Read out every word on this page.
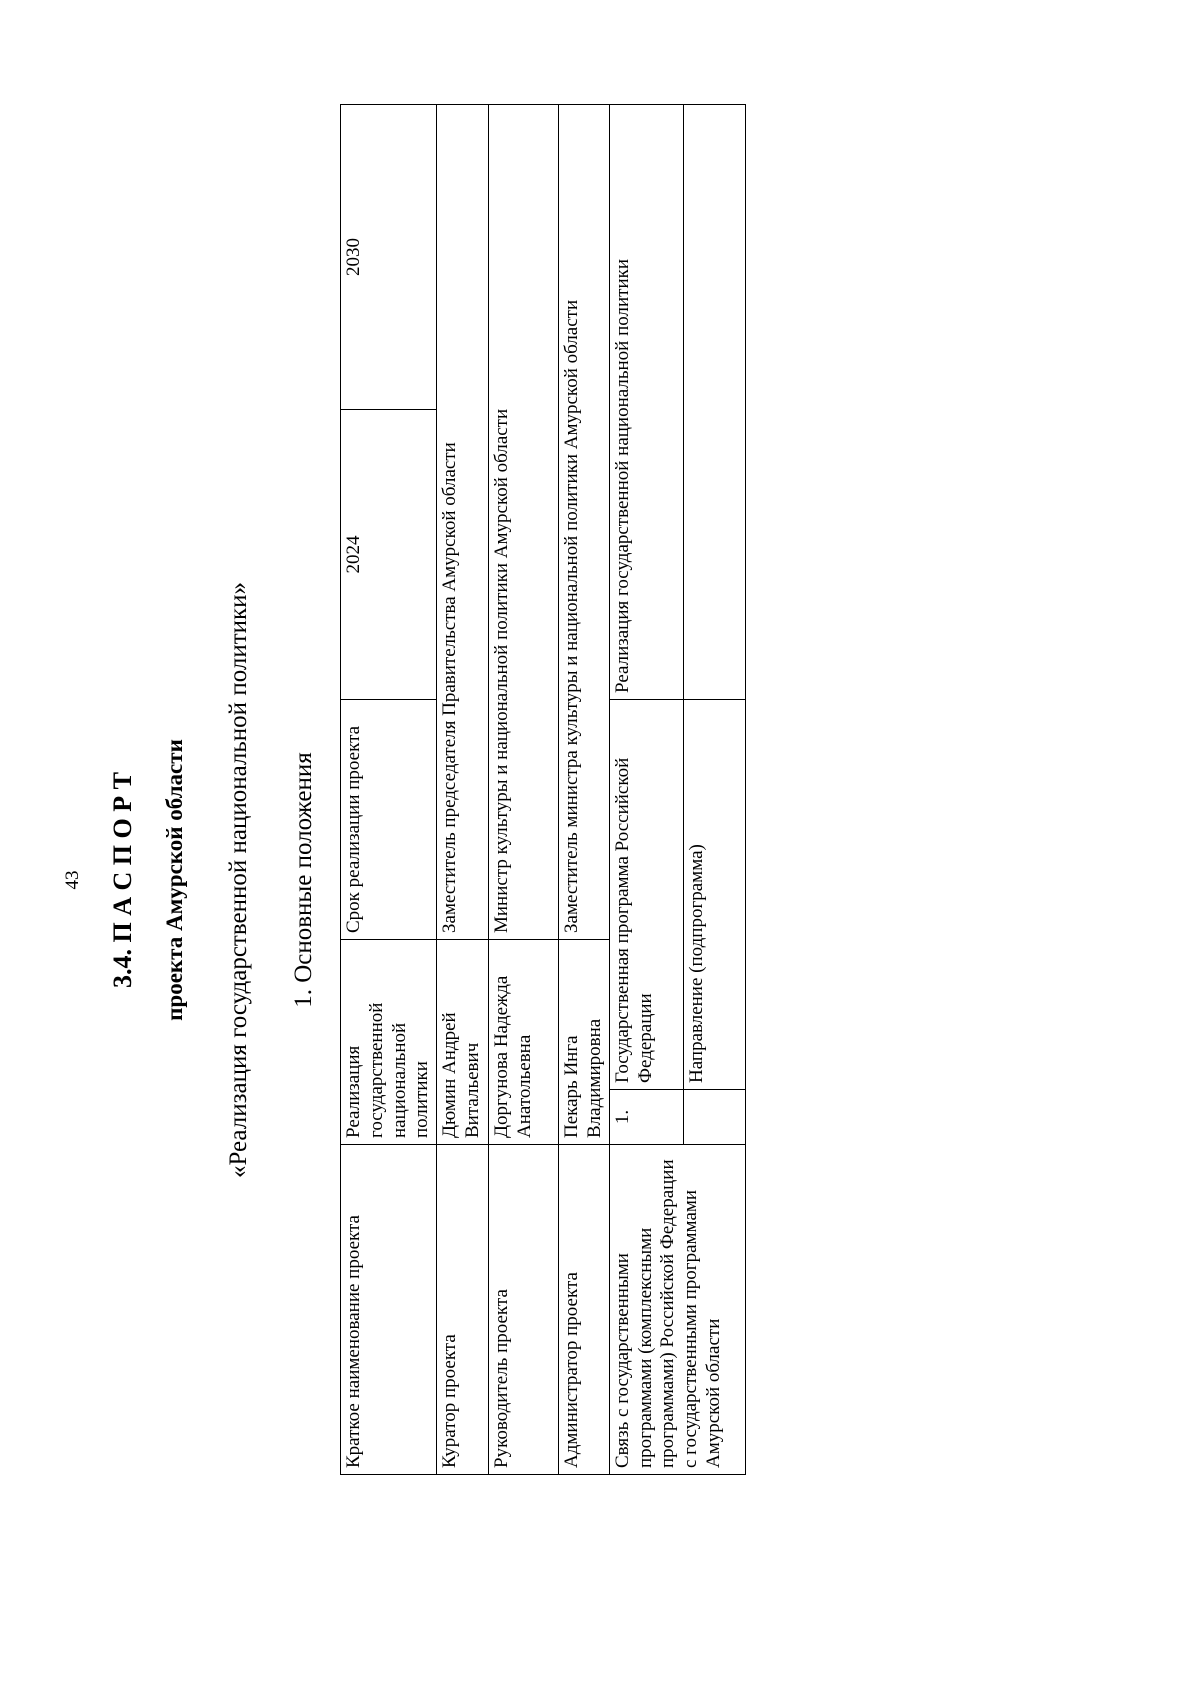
43 3.4. П А С П О Р Т проекта Амурской области «Реализация государственной национальной политики» 1. Основные положения
Краткое наименование проекта	Реализация государственной национальной политики		Срок реализации проекта	2024	2030
Куратор проекта	Дюмин Андрей Витальевич		Заместитель председателя Правительства Амурской области		
Руководитель проекта	Доргунова Надежда Анатольевна		Министр культуры и национальной политики Амурской области		
Администратор проекта	Пекарь Инга Владимировна		Заместитель министра культуры и национальной политики Амурской области		
Связь с государственными программами (комплексными программами) Российской Федерации с государственными программами Амурской области	1.	Государственная программа Российской Федерации		Реализация государственной национальной политики	
		Направление (подпрограмма)			
